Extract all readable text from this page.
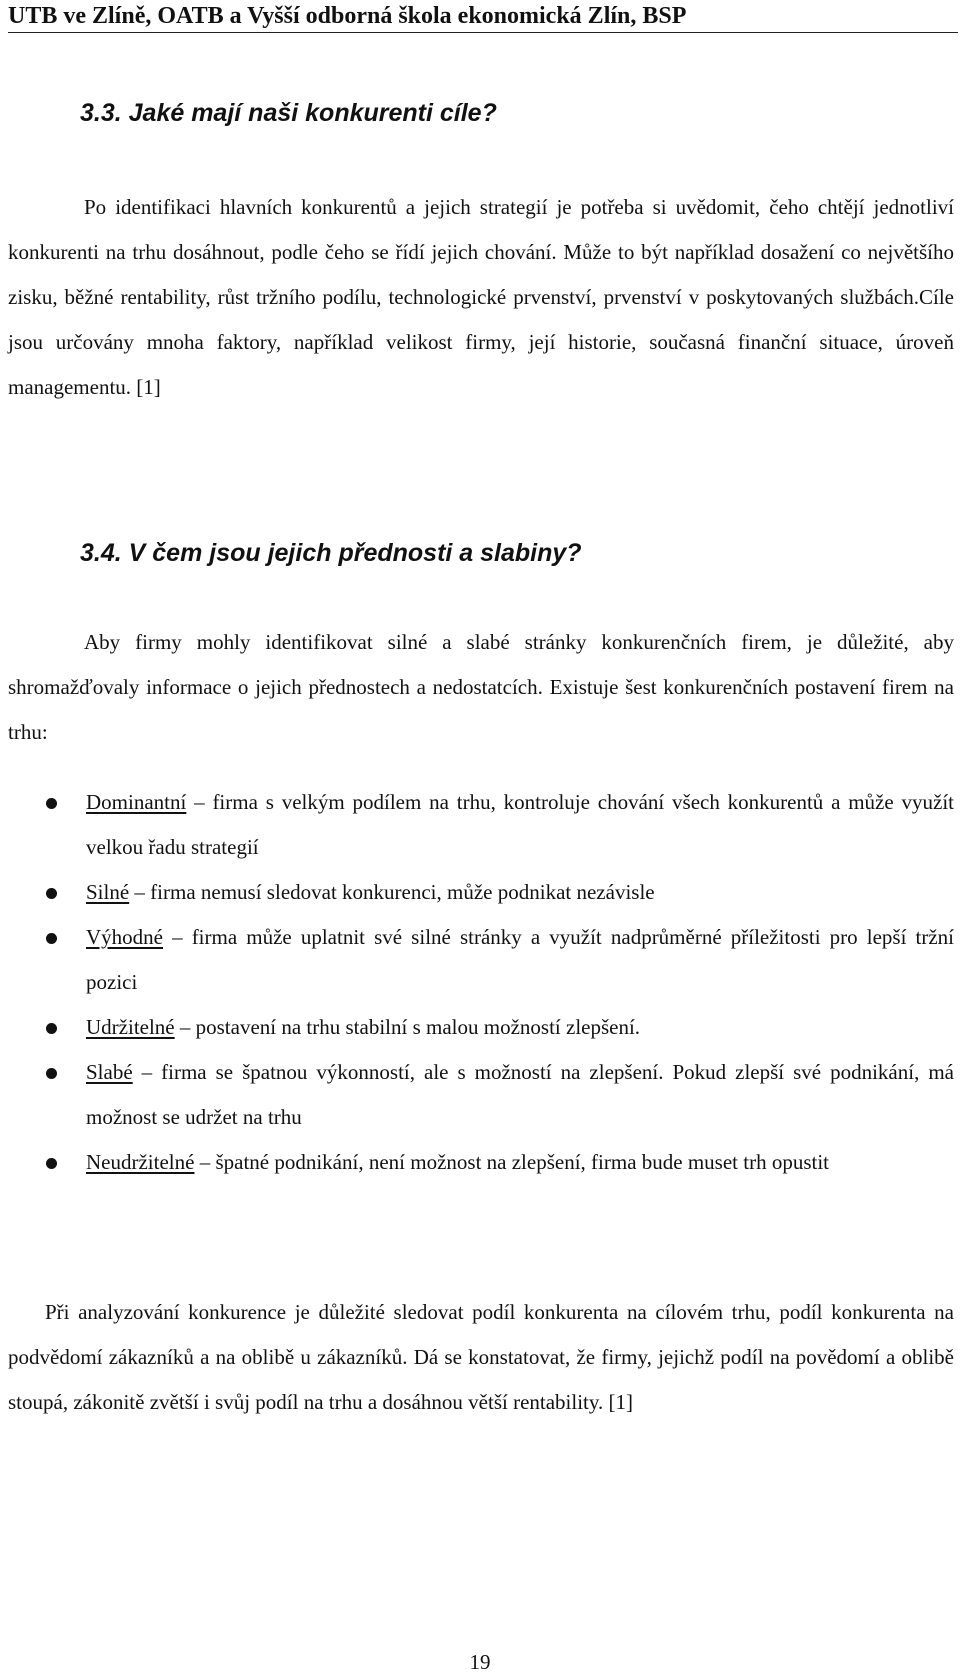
UTB ve Zlíně, OATB a Vyšší odborná škola ekonomická Zlín, BSP
3.3. Jaké mají naši konkurenti cíle?

Po identifikaci hlavních konkurentů a jejich strategií je potřeba si uvědomit, čeho chtějí jednotliví konkurenti na trhu dosáhnout, podle čeho se řídí jejich chování. Může to být například dosažení co největšího zisku, běžné rentability, růst tržního podílu, technologické prvenství, prvenství v poskytovaných službách.Cíle jsou určovány mnoha faktory, například velikost firmy, její historie, současná finanční situace, úroveň managementu. [1]

3.4. V čem jsou jejich přednosti a slabiny?

Aby firmy mohly identifikovat silné a slabé stránky konkurenčních firem, je důležité, aby shromažďovaly informace o jejich přednostech a nedostatcích. Existuje šest konkurenčních postavení firem na trhu:

Dominantní – firma s velkým podílem na trhu, kontroluje chování všech konkurentů a může využít velkou řadu strategií
Silné – firma nemusí sledovat konkurenci, může podnikat nezávisle
Výhodné – firma může uplatnit své silné stránky a využít nadprůměrné příležitosti pro lepší tržní pozici
Udržitelné – postavení na trhu stabilní s malou možností zlepšení.
Slabé – firma se špatnou výkonností, ale s možností na zlepšení. Pokud zlepší své podnikání, má možnost se udržet na trhu
Neudržitelné – špatné podnikání, není možnost na zlepšení, firma bude muset trh opustit

Při analyzování konkurence je důležité sledovat podíl konkurenta na cílovém trhu, podíl konkurenta na podvědomí zákazníků a na oblibě u zákazníků. Dá se konstatovat, že firmy, jejichž podíl na povědomí a oblibě stoupá, zákonitě zvětší i svůj podíl na trhu a dosáhnou větší rentability. [1]

19
